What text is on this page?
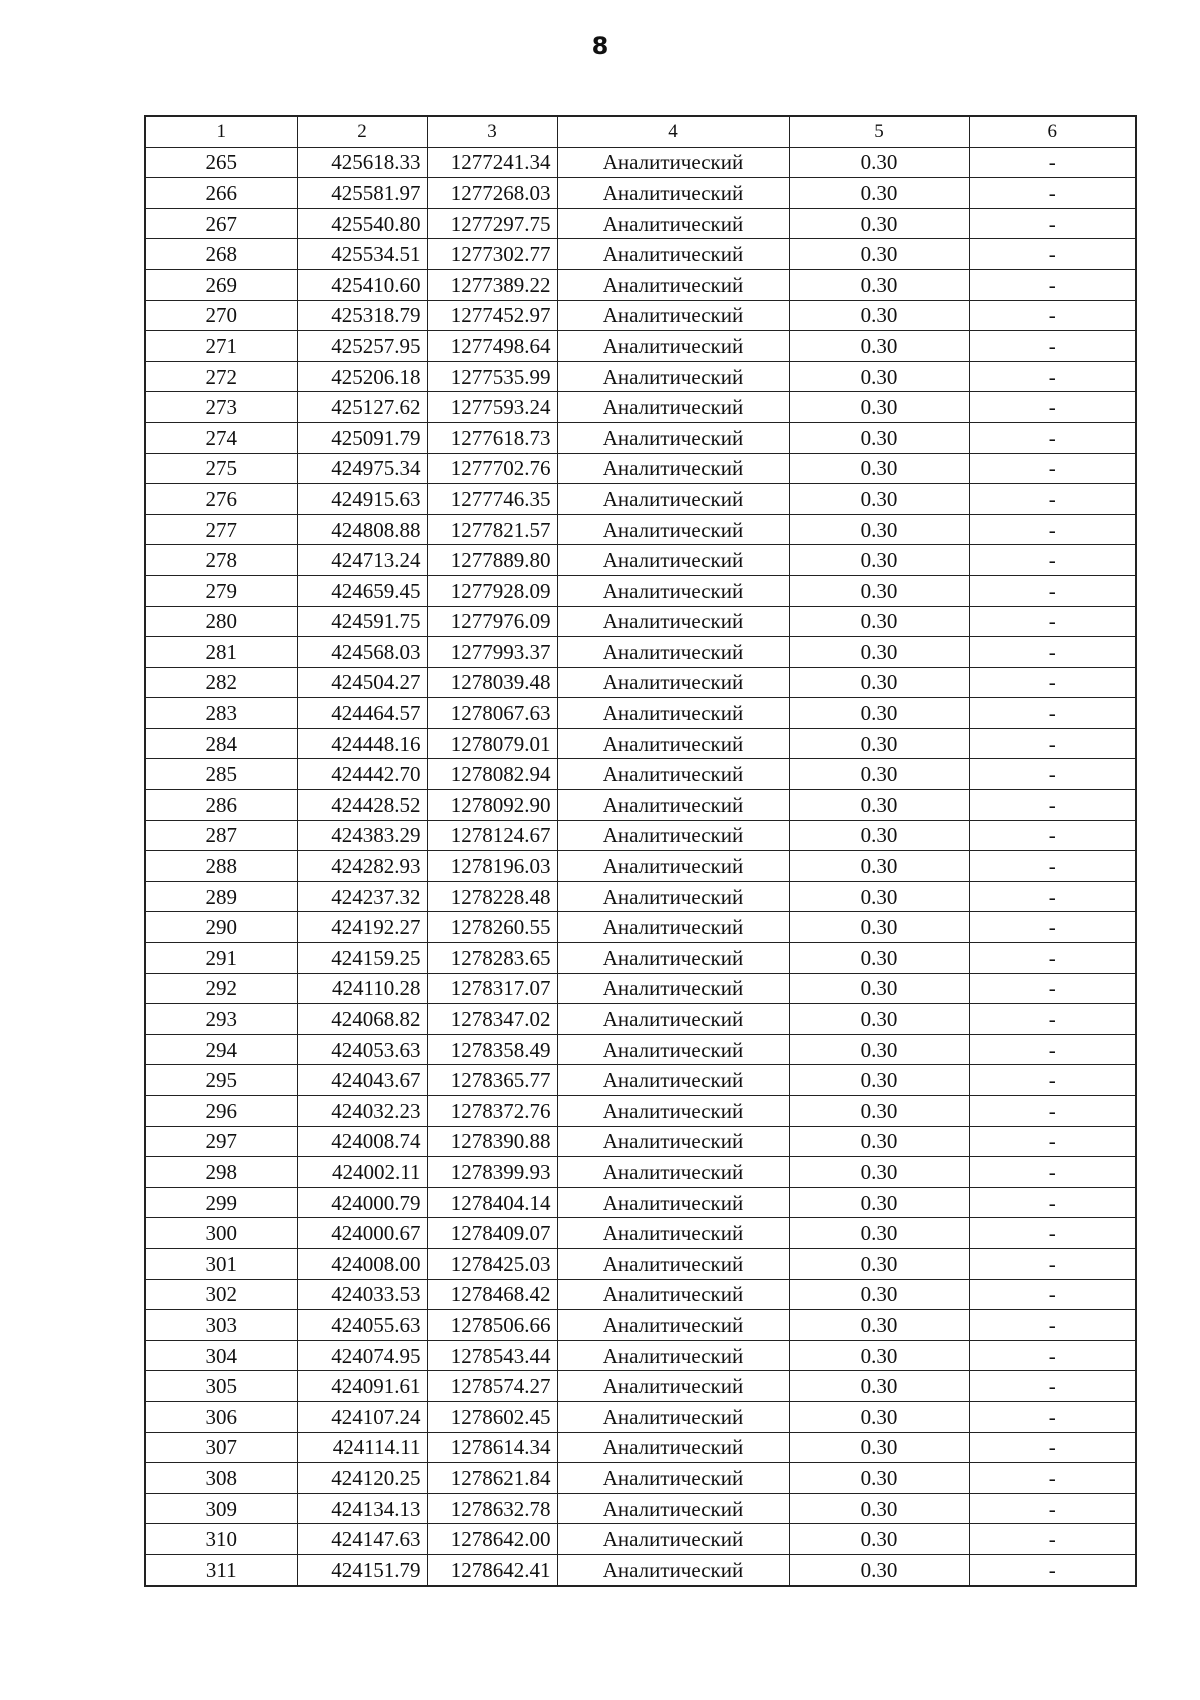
8
1	2	3	4	5	6
265	425618.33	1277241.34	Аналитический	0.30	-
266	425581.97	1277268.03	Аналитический	0.30	-
267	425540.80	1277297.75	Аналитический	0.30	-
268	425534.51	1277302.77	Аналитический	0.30	-
269	425410.60	1277389.22	Аналитический	0.30	-
270	425318.79	1277452.97	Аналитический	0.30	-
271	425257.95	1277498.64	Аналитический	0.30	-
272	425206.18	1277535.99	Аналитический	0.30	-
273	425127.62	1277593.24	Аналитический	0.30	-
274	425091.79	1277618.73	Аналитический	0.30	-
275	424975.34	1277702.76	Аналитический	0.30	-
276	424915.63	1277746.35	Аналитический	0.30	-
277	424808.88	1277821.57	Аналитический	0.30	-
278	424713.24	1277889.80	Аналитический	0.30	-
279	424659.45	1277928.09	Аналитический	0.30	-
280	424591.75	1277976.09	Аналитический	0.30	-
281	424568.03	1277993.37	Аналитический	0.30	-
282	424504.27	1278039.48	Аналитический	0.30	-
283	424464.57	1278067.63	Аналитический	0.30	-
284	424448.16	1278079.01	Аналитический	0.30	-
285	424442.70	1278082.94	Аналитический	0.30	-
286	424428.52	1278092.90	Аналитический	0.30	-
287	424383.29	1278124.67	Аналитический	0.30	-
288	424282.93	1278196.03	Аналитический	0.30	-
289	424237.32	1278228.48	Аналитический	0.30	-
290	424192.27	1278260.55	Аналитический	0.30	-
291	424159.25	1278283.65	Аналитический	0.30	-
292	424110.28	1278317.07	Аналитический	0.30	-
293	424068.82	1278347.02	Аналитический	0.30	-
294	424053.63	1278358.49	Аналитический	0.30	-
295	424043.67	1278365.77	Аналитический	0.30	-
296	424032.23	1278372.76	Аналитический	0.30	-
297	424008.74	1278390.88	Аналитический	0.30	-
298	424002.11	1278399.93	Аналитический	0.30	-
299	424000.79	1278404.14	Аналитический	0.30	-
300	424000.67	1278409.07	Аналитический	0.30	-
301	424008.00	1278425.03	Аналитический	0.30	-
302	424033.53	1278468.42	Аналитический	0.30	-
303	424055.63	1278506.66	Аналитический	0.30	-
304	424074.95	1278543.44	Аналитический	0.30	-
305	424091.61	1278574.27	Аналитический	0.30	-
306	424107.24	1278602.45	Аналитический	0.30	-
307	424114.11	1278614.34	Аналитический	0.30	-
308	424120.25	1278621.84	Аналитический	0.30	-
309	424134.13	1278632.78	Аналитический	0.30	-
310	424147.63	1278642.00	Аналитический	0.30	-
311	424151.79	1278642.41	Аналитический	0.30	-
